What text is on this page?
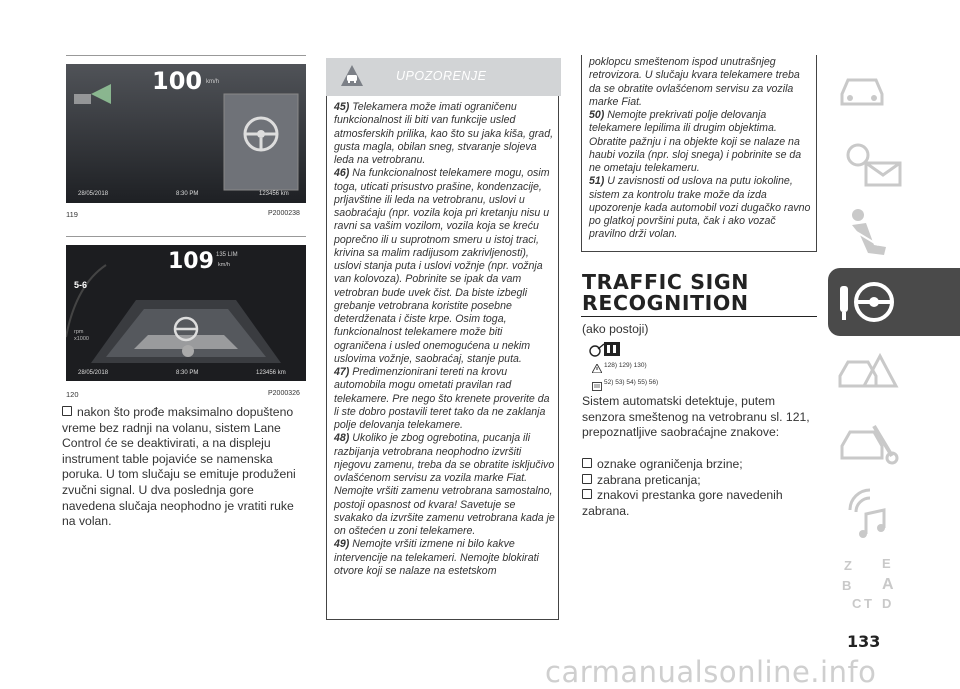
100 km/h
28/05/2018	8:30 PM	123456 km
119	P2000238
5-6
109 135 LIM
km/h
rpm
x1000
28/05/2018	8:30 PM	123456 km
120	P2000326
nakon što prođe maksimalno dopušteno vreme bez radnji na volanu, sistem Lane Control će se deaktivirati, a na displeju instrument table pojaviće se namenska poruka. U tom slučaju se emituje produženi zvučni signal. U dva poslednja gore navedena slučaja neophodno je vratiti ruke na volan.
UPOZORENJE
45) Telekamera može imati ograničenu funkcionalnost ili biti van funkcije usled atmosferskih prilika, kao što su jaka kiša, grad, gusta magla, obilan sneg, stvaranje slojeva leda na vetrobranu.
46) Na funkcionalnost telekamere mogu, osim toga, uticati prisustvo prašine, kondenzacije, prljavštine ili leda na vetrobranu, uslovi u saobraćaju (npr. vozila koja pri kretanju nisu u ravni sa vašim vozilom, vozila koja se kreću poprečno ili u suprotnom smeru u istoj traci, krivina sa malim radijusom zakrivljenosti), uslovi stanja puta i uslovi vožnje (npr. vožnja van kolovoza). Pobrinite se ipak da vam vetrobran bude uvek čist. Da biste izbegli grebanje vetrobrana koristite posebne deterdženata i čiste krpe. Osim toga, funkcionalnost telekamere može biti ograničena i usled onemogućena u nekim uslovima vožnje, saobraćaj, stanje puta.
47) Predimenzionirani tereti na krovu automobila mogu ometati pravilan rad telekamere. Pre nego što krenete proverite da li ste dobro postavili teret tako da ne zaklanja polje delovanja telekamere.
48) Ukoliko je zbog ogrebotina, pucanja ili razbijanja vetrobrana neophodno izvršiti njegovu zamenu, treba da se obratite isključivo ovlašćenom servisu za vozila marke Fiat. Nemojte vršiti zamenu vetrobrana samostalno, postoji opasnost od kvara! Savetuje se svakako da izvršite zamenu vetrobrana kada je on oštećen u zoni telekamere.
49) Nemojte vršiti izmene ni bilo kakve intervencije na telekameri. Nemojte blokirati otvore koji se nalaze na estetskom
poklopcu smeštenom ispod unutrašnjeg retrovizora. U slučaju kvara telekamere treba da se obratite ovlašćenom servisu za vozila marke Fiat.
50) Nemojte prekrivati polje delovanja telekamere lepilima ili drugim objektima. Obratite pažnju i na objekte koji se nalaze na haubi vozila (npr. sloj snega) i pobrinite se da ne ometaju telekameru.
51) U zavisnosti od uslova na putu iokoline, sistem za kontrolu trake može da izda upozorenje kada automobil vozi dugačko ravno po glatkoj površini puta, čak i ako vozač pravilno drži volan.
TRAFFIC SIGN
RECOGNITION
(ako postoji)
128) 129) 130)
52) 53) 54) 55) 56)
Sistem automatski detektuje, putem senzora smeštenog na vetrobranu sl. 121, prepoznatljive saobraćajne znakove:
oznake ograničenja brzine;
zabrana preticanja;
znakovi prestanka gore navedenih zabrana.
Z E
B A
C T D
133
carmanualsonline.info
